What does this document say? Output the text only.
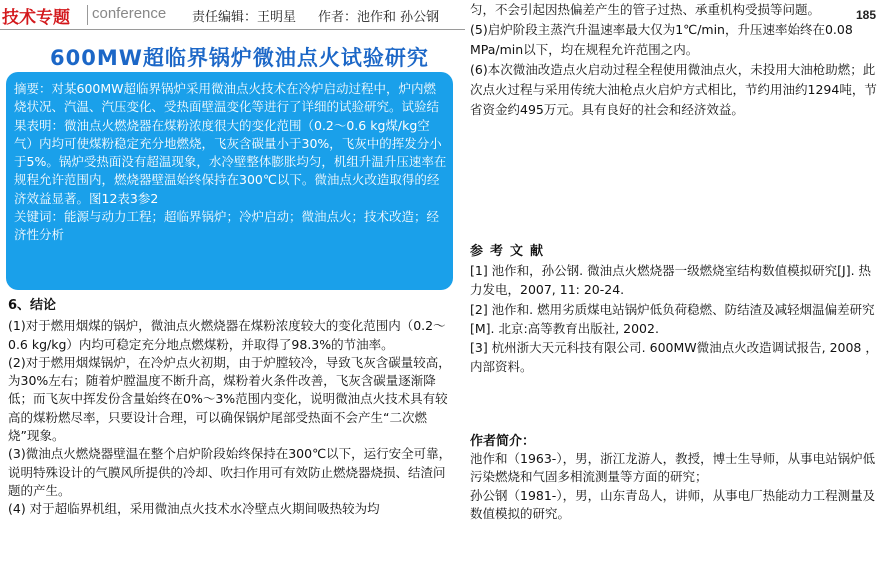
技术专题 conference 责任编辑：王明星 作者：池作和 孙公钢	185
600MW超临界锅炉微油点火试验研究

摘要：对某600MW超临界锅炉采用微油点火技术在冷炉启动过程中，炉内燃烧状况、汽温、汽压变化、受热面壁温变化等进行了详细的试验研究。试验结果表明：微油点火燃烧器在煤粉浓度很大的变化范围（0.2～0.6 kg煤/kg空气）内均可使煤粉稳定充分地燃烧，飞灰含碳量小于30%，飞灰中的挥发分小于5%。锅炉受热面没有超温现象，水冷壁整体膨胀均匀，机组升温升压速率在规程允许范围内，燃烧器壁温始终保持在300℃以下。微油点火改造取得的经济效益显著。图12表3参2

关键词：能源与动力工程；超临界锅炉；冷炉启动；微油点火；技术改造；经济性分析

6、结论

(1)对于燃用烟煤的锅炉，微油点火燃烧器在煤粉浓度较大的变化范围内（0.2～0.6 kg/kg）内均可稳定充分地点燃煤粉，并取得了98.3%的节油率。

(2)对于燃用烟煤锅炉，在冷炉点火初期，由于炉膛较冷，导致飞灰含碳量较高，为30%左右；随着炉膛温度不断升高，煤粉着火条件改善，飞灰含碳量逐渐降低；而飞灰中挥发份含量始终在0%～3%范围内变化，说明微油点火技术具有较高的煤粉燃尽率，只要设计合理，可以确保锅炉尾部受热面不会产生“二次燃烧”现象。

(3)微油点火燃烧器壁温在整个启炉阶段始终保持在300℃以下，运行安全可靠，说明特殊设计的气膜风所提供的冷却、吹扫作用可有效防止燃烧器烧损、结渣问题的产生。

(4) 对于超临界机组，采用微油点火技术水冷壁点火期间吸热较为均

匀，不会引起因热偏差产生的管子过热、承重机构受损等问题。

(5)启炉阶段主蒸汽升温速率最大仅为1℃/min，升压速率始终在0.08 MPa/min以下，均在规程允许范围之内。

(6)本次微油改造点火启动过程全程使用微油点火，未投用大油枪助燃；此次点火过程与采用传统大油枪点火启炉方式相比，节约用油约1294吨，节省资金约495万元。具有良好的社会和经济效益。

参考文献

[1] 池作和，孙公钢. 微油点火燃烧器一级燃烧室结构数值模拟研究[J]. 热力发电，2007, 11: 20-24.

[2] 池作和. 燃用劣质煤电站锅炉低负荷稳燃、防结渣及减轻烟温偏差研究[M]. 北京:高等教育出版社, 2002.

[3] 杭州浙大天元科技有限公司. 600MW微油点火改造调试报告, 2008 ，内部资料。

作者简介：

池作和（1963-），男，浙江龙游人，教授，博士生导师，从事电站锅炉低污染燃烧和气固多相流测量等方面的研究；

孙公钢（1981-），男，山东青岛人，讲师，从事电厂热能动力工程测量及数值模拟的研究。
